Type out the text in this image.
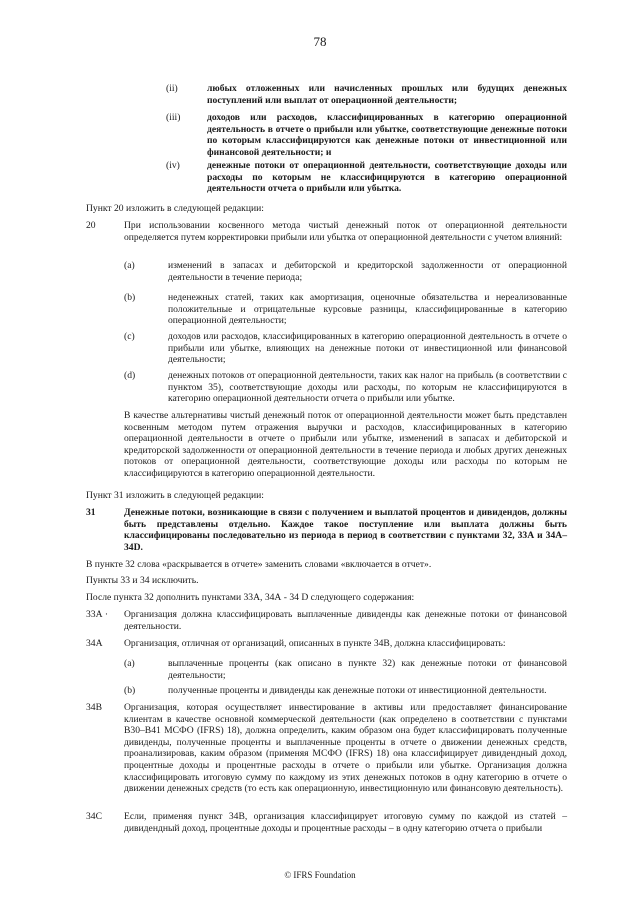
78
(ii)	любых отложенных или начисленных прошлых или будущих денежных поступлений или выплат от операционной деятельности;
(iii)	доходов или расходов, классифицированных в категорию операционной деятельность в отчете о прибыли или убытке, соответствующие денежные потоки по которым классифицируются как денежные потоки от инвестиционной или финансовой деятельности; и
(iv)	денежные потоки от операционной деятельности, соответствующие доходы или расходы по которым не классифицируются в категорию операционной деятельности отчета о прибыли или убытка.
Пункт 20 изложить в следующей редакции:
20	При использовании косвенного метода чистый денежный поток от операционной деятельности определяется путем корректировки прибыли или убытка от операционной деятельности с учетом влияний:
(a)	изменений в запасах и дебиторской и кредиторской задолженности от операционной деятельности в течение периода;
(b)	неденежных статей, таких как амортизация, оценочные обязательства и нереализованные положительные и отрицательные курсовые разницы, классифицированные в категорию операционной деятельности;
(c)	доходов или расходов, классифицированных в категорию операционной деятельность в отчете о прибыли или убытке, влияющих на денежные потоки от инвестиционной или финансовой деятельности;
(d)	денежных потоков от операционной деятельности, таких как налог на прибыль (в соответствии с пунктом 35), соответствующие доходы или расходы, по которым не классифицируются в категорию операционной деятельности отчета о прибыли или убытке.
В качестве альтернативы чистый денежный поток от операционной деятельности может быть представлен косвенным методом путем отражения выручки и расходов, классифицированных в категорию операционной деятельности в отчете о прибыли или убытке, изменений в запасах и дебиторской и кредиторской задолженности от операционной деятельности в течение периода и любых других денежных потоков от операционной деятельности, соответствующие доходы или расходы по которым не классифицируются в категорию операционной деятельности.
Пункт 31 изложить в следующей редакции:
31	Денежные потоки, возникающие в связи с получением и выплатой процентов и дивидендов, должны быть представлены отдельно. Каждое такое поступление или выплата должны быть классифицированы последовательно из периода в период в соответствии с пунктами 32, 33А и 34А–34D.
В пункте 32 слова «раскрывается в отчете» заменить словами «включается в отчет».
Пункты 33 и 34 исключить.
После пункта 32 дополнить пунктами 33А, 34А - 34 D следующего содержания:
33А · Организация должна классифицировать выплаченные дивиденды как денежные потоки от финансовой деятельности.
34А Организация, отличная от организаций, описанных в пункте 34В, должна классифицировать:
(a)	выплаченные проценты (как описано в пункте 32) как денежные потоки от финансовой деятельности;
(b)	полученные проценты и дивиденды как денежные потоки от инвестиционной деятельности.
34В Организация, которая осуществляет инвестирование в активы или предоставляет финансирование клиентам в качестве основной коммерческой деятельности (как определено в соответствии с пунктами В30–В41 МСФО (IFRS) 18), должна определить, каким образом она будет классифицировать полученные дивиденды, полученные проценты и выплаченные проценты в отчете о движении денежных средств, проанализировав, каким образом (применяя МСФО (IFRS) 18) она классифицирует дивидендный доход, процентные доходы и процентные расходы в отчете о прибыли или убытке. Организация должна классифицировать итоговую сумму по каждому из этих денежных потоков в одну категорию в отчете о движении денежных средств (то есть как операционную, инвестиционную или финансовую деятельность).
34С Если, применяя пункт 34В, организация классифицирует итоговую сумму по каждой из статей – дивидендный доход, процентные доходы и процентные расходы – в одну категорию отчета о прибыли
© IFRS Foundation
